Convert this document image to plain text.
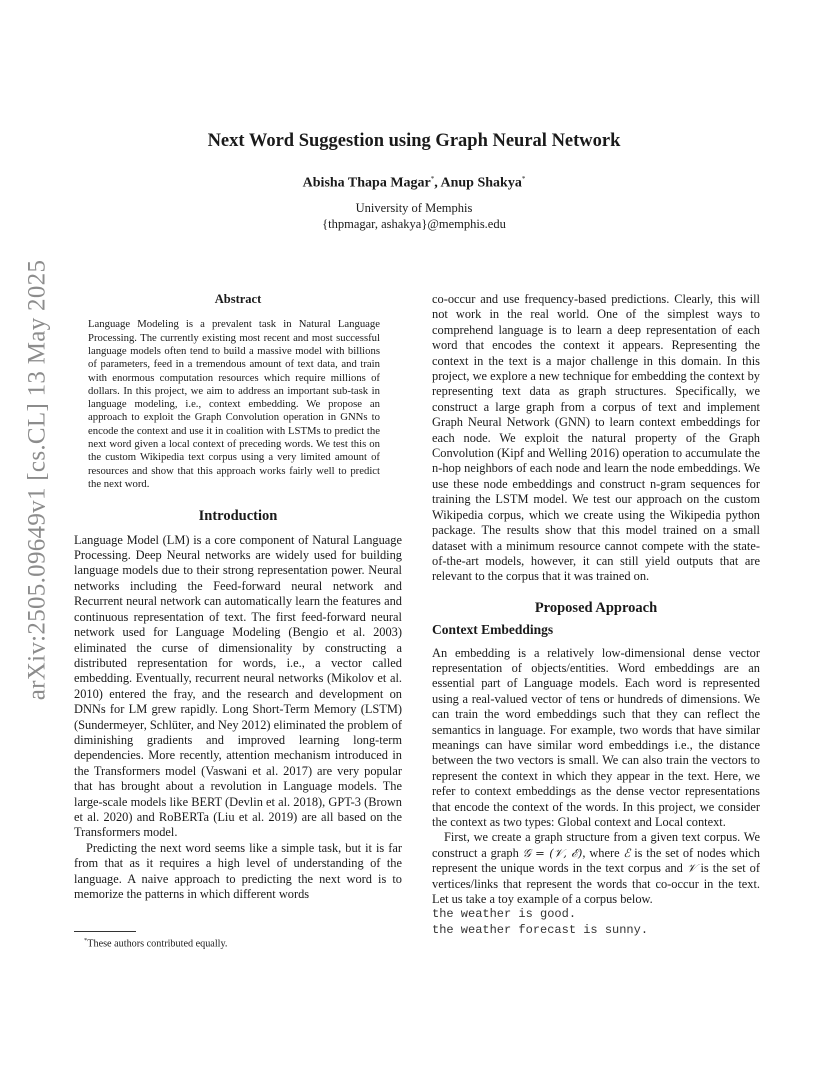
arXiv:2505.09649v1 [cs.CL] 13 May 2025
Next Word Suggestion using Graph Neural Network
Abisha Thapa Magar*, Anup Shakya*
University of Memphis
{thpmagar, ashakya}@memphis.edu
Abstract
Language Modeling is a prevalent task in Natural Language Processing. The currently existing most recent and most successful language models often tend to build a massive model with billions of parameters, feed in a tremendous amount of text data, and train with enormous computation resources which require millions of dollars. In this project, we aim to address an important sub-task in language modeling, i.e., context embedding. We propose an approach to exploit the Graph Convolution operation in GNNs to encode the context and use it in coalition with LSTMs to predict the next word given a local context of preceding words. We test this on the custom Wikipedia text corpus using a very limited amount of resources and show that this approach works fairly well to predict the next word.
Introduction

Language Model (LM) is a core component of Natural Language Processing. Deep Neural networks are widely used for building language models due to their strong representation power. Neural networks including the Feed-forward neural network and Recurrent neural network can automatically learn the features and continuous representation of text. The first feed-forward neural network used for Language Modeling (Bengio et al. 2003) eliminated the curse of dimensionality by constructing a distributed representation for words, i.e., a vector called embedding. Eventually, recurrent neural networks (Mikolov et al. 2010) entered the fray, and the research and development on DNNs for LM grew rapidly. Long Short-Term Memory (LSTM) (Sundermeyer, Schlüter, and Ney 2012) eliminated the problem of diminishing gradients and improved learning long-term dependencies. More recently, attention mechanism introduced in the Transformers model (Vaswani et al. 2017) are very popular that has brought about a revolution in Language models. The large-scale models like BERT (Devlin et al. 2018), GPT-3 (Brown et al. 2020) and RoBERTa (Liu et al. 2019) are all based on the Transformers model.

Predicting the next word seems like a simple task, but it is far from that as it requires a high level of understanding of the language. A naive approach to predicting the next word is to memorize the patterns in which different words

co-occur and use frequency-based predictions. Clearly, this will not work in the real world. One of the simplest ways to comprehend language is to learn a deep representation of each word that encodes the context it appears. Representing the context in the text is a major challenge in this domain. In this project, we explore a new technique for embedding the context by representing text data as graph structures. Specifically, we construct a large graph from a corpus of text and implement Graph Neural Network (GNN) to learn context embeddings for each node. We exploit the natural property of the Graph Convolution (Kipf and Welling 2016) operation to accumulate the n-hop neighbors of each node and learn the node embeddings. We use these node embeddings and construct n-gram sequences for training the LSTM model. We test our approach on the custom Wikipedia corpus, which we create using the Wikipedia python package. The results show that this model trained on a small dataset with a minimum resource cannot compete with the state-of-the-art models, however, it can still yield outputs that are relevant to the corpus that it was trained on.

Proposed Approach
Context Embeddings

An embedding is a relatively low-dimensional dense vector representation of objects/entities. Word embeddings are an essential part of Language models. Each word is represented using a real-valued vector of tens or hundreds of dimensions. We can train the word embeddings such that they can reflect the semantics in language. For example, two words that have similar meanings can have similar word embeddings i.e., the distance between the two vectors is small. We can also train the vectors to represent the context in which they appear in the text. Here, we refer to context embeddings as the dense vector representations that encode the context of the words. In this project, we consider the context as two types: Global context and Local context.

First, we create a graph structure from a given text corpus. We construct a graph 𝒢 = (𝒱, ℰ), where ℰ is the set of nodes which represent the unique words in the text corpus and 𝒱 is the set of vertices/links that represent the words that co-occur in the text. Let us take a toy example of a corpus below.

the weather is good.
the weather forecast is sunny.
*These authors contributed equally.
